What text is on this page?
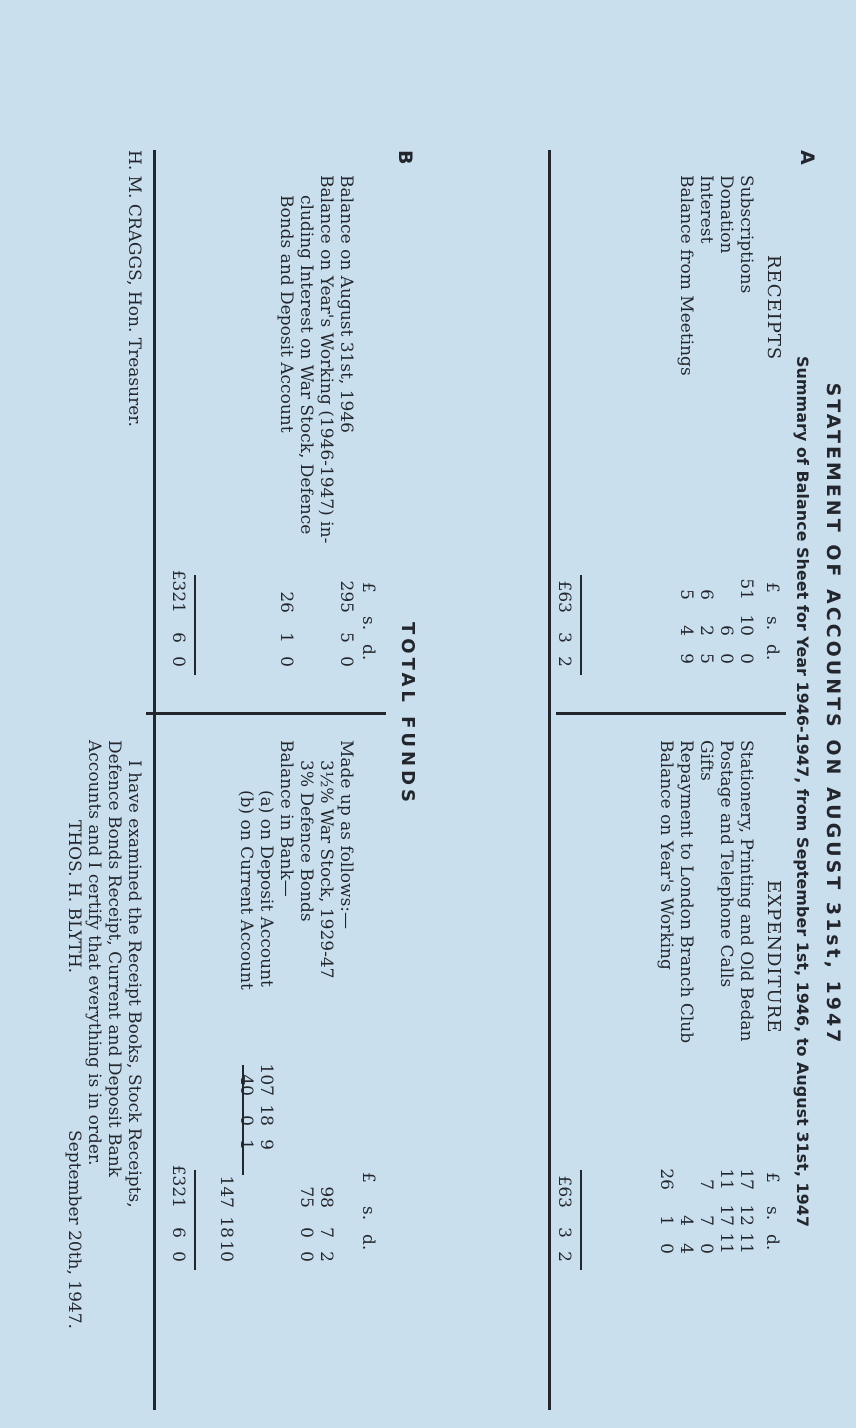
STATEMENT OF ACCOUNTS ON AUGUST 31st, 1947
A
Summary of Balance Sheet for Year 1946-1947, from September 1st, 1946, to August 31st, 1947
RECEIPTS
EXPENDITURE
TOTAL FUNDS
B
H. M. CRAGGS, Hon. Treasurer.
I have examined the Receipt Books, Stock Receipts,
Defence Bonds Receipt, Current and Deposit Bank
Accounts and I certify that everything is in order.
THOS. H. BLYTH.
September 20th, 1947.
£
s.
d.
£
s.
d.
Subscriptions
51
10
0
Donation
6
0
Interest
6
2
5
Balance from Meetings
5
4
9
Stationery, Printing and Old Bedan
17
12
11
Postage and Telephone Calls
11
17
11
Gifts
7
7
0
Repayment to London Branch Club
4
4
Balance on Year's Working
26
1
0
£63
3
2
£63
3
2
£
s.
d.
£
s.
d.
Balance on August 31st, 1946
295
5
0
Balance on Year's Working (1946-1947) in-
cluding Interest on War Stock, Defence
Bonds and Deposit Account
26
1
0
Made up as follows:—
3½% War Stock, 1929-47
98
7
2
3% Defence Bonds
75
0
0
Balance in Bank—
(a) on Deposit Account
107
18
9
(b) on Current Account
40
0
1
147
18
10
£321
6
0
£321
6
0
